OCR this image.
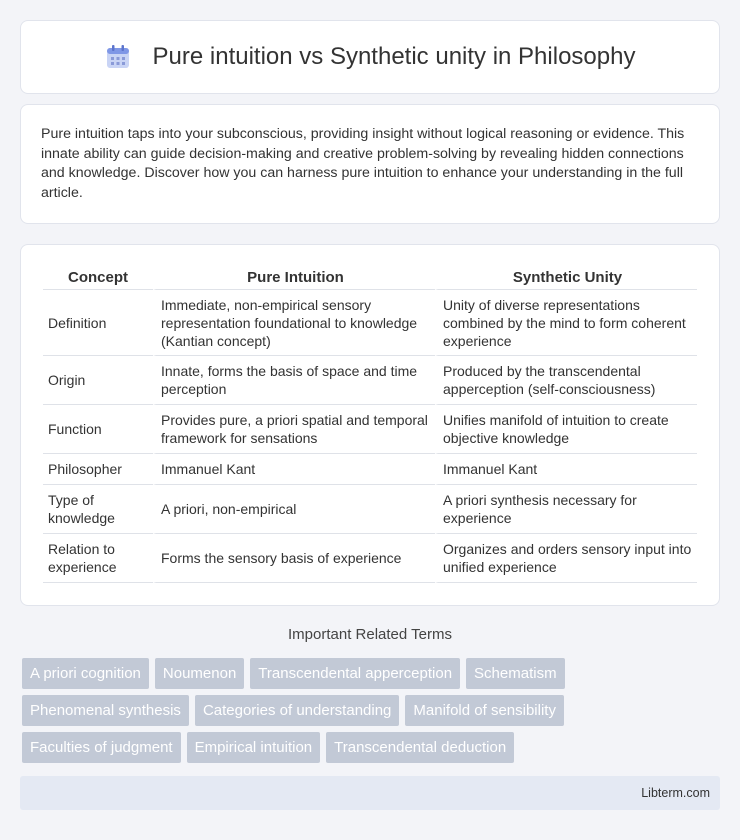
Pure intuition vs Synthetic unity in Philosophy

Pure intuition taps into your subconscious, providing insight without logical reasoning or evidence. This innate ability can guide decision-making and creative problem-solving by revealing hidden connections and knowledge. Discover how you can harness pure intuition to enhance your understanding in the full article.

Concept	Pure Intuition	Synthetic Unity
Definition	Immediate, non-empirical sensory representation foundational to knowledge (Kantian concept)	Unity of diverse representations combined by the mind to form coherent experience
Origin	Innate, forms the basis of space and time perception	Produced by the transcendental apperception (self-consciousness)
Function	Provides pure, a priori spatial and temporal framework for sensations	Unifies manifold of intuition to create objective knowledge
Philosopher	Immanuel Kant	Immanuel Kant
Type of knowledge	A priori, non-empirical	A priori synthesis necessary for experience
Relation to experience	Forms the sensory basis of experience	Organizes and orders sensory input into unified experience
Important Related Terms
A priori cognition	Noumenon	Transcendental apperception	Schematism
Phenomenal synthesis	Categories of understanding	Manifold of sensibility
Faculties of judgment	Empirical intuition	Transcendental deduction
Libterm.com
